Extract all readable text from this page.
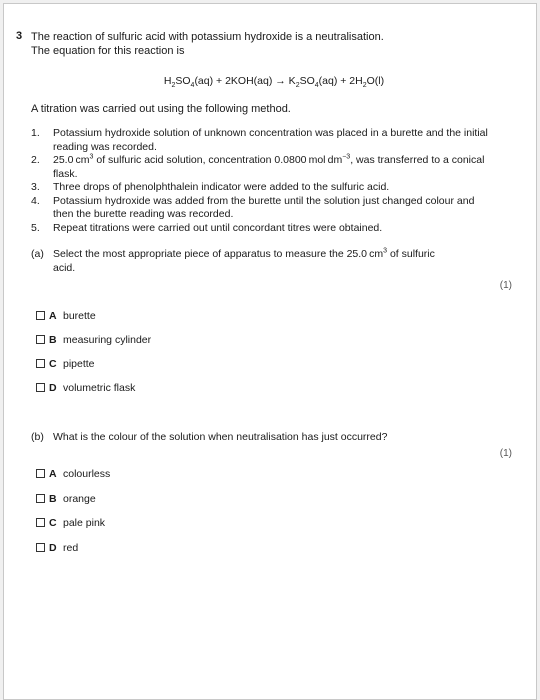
3 The reaction of sulfuric acid with potassium hydroxide is a neutralisation.
The equation for this reaction is
$H_2SO_4(aq) + 2KOH(aq) \to K_2SO_4(aq) + 2H_2O(l)$
A titration was carried out using the following method.
1. Potassium hydroxide solution of unknown concentration was placed in a burette and the initial reading was recorded.
2. 25.0 $cm^3$ of sulfuric acid solution, concentration 0.0800 mol $dm^{-3}$, was transferred to a conical flask.
3. Three drops of phenolphthalein indicator were added to the sulfuric acid.
4. Potassium hydroxide was added from the burette until the solution just changed colour and then the burette reading was recorded.
5. Repeat titrations were carried out until concordant titres were obtained.
(a) Select the most appropriate piece of apparatus to measure the 25.0 $cm^3$ of sulfuric acid.
(1)
A burette
B measuring cylinder
C pipette
D volumetric flask
(b) What is the colour of the solution when neutralisation has just occurred?
(1)
A colourless
B orange
C pale pink
D red
